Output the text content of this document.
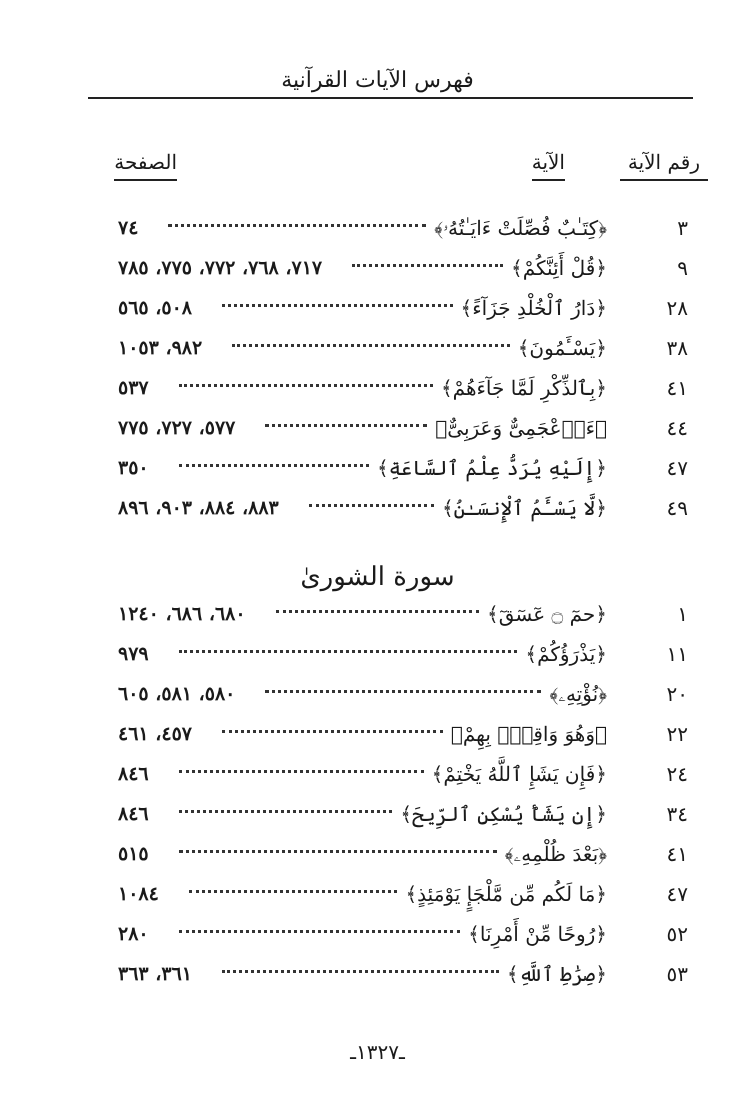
فهرس الآيات القرآنية
رقم الآية
الآية
الصفحة
٣
﴿كِتَـٰبٌ فُصِّلَتْ ءَايَـٰتُهُۥ﴾
٧٤
٩
﴿قُلْ أَئِنَّكُمْ﴾
٧١٧، ٧٦٨، ٧٧٢، ٧٧٥، ٧٨٥
٢٨
﴿دَارُ ٱلْخُلْدِ جَزَآءً﴾
٥٠٨، ٥٦٥
٣٨
﴿يَسْـَٔمُونَ﴾
٩٨٢، ١٠٥٣
٤١
﴿بِٱلذِّكْرِ لَمَّا جَآءَهُمْ﴾
٥٣٧
٤٤
﴿ءَا۬عْجَمِىٌّ وَعَرَبِىٌّ﴾
٥٧٧، ٧٢٧، ٧٧٥
٤٧
﴿إِلَيْهِ يُرَدُّ عِلْمُ ٱلسَّاعَةِ﴾
٣٥٠
٤٩
﴿لَّا يَسْـَٔمُ ٱلْإِنسَـٰنُ﴾
٨٨٣، ٨٨٤، ٩٠٣، ٨٩٦
سورة الشورىٰ
١
﴿حمٓ ۝ عٓسٓقٓ﴾
٦٨٠، ٦٨٦، ١٢٤٠
١١
﴿يَذْرَؤُكُمْ﴾
٩٧٩
٢٠
﴿نُؤْتِهِۦ﴾
٥٨٠، ٥٨١، ٦٠٥
٢٢
﴿وَهُوَ وَاقِعٌۢ بِهِمْ﴾
٤٥٧، ٤٦١
٢٤
﴿فَإِن يَشَإِ ٱللَّهُ يَخْتِمْ﴾
٨٤٦
٣٤
﴿إِن يَشَأْ يُسْكِنِ ٱلرِّيحَ﴾
٨٤٦
٤١
﴿بَعْدَ ظُلْمِهِۦ﴾
٥١٥
٤٧
﴿مَا لَكُم مِّن مَّلْجَإٍ يَوْمَئِذٍ﴾
١٠٨٤
٥٢
﴿رُوحًا مِّنْ أَمْرِنَا﴾
٢٨٠
٥٣
﴿صِرَٰطِ ٱللَّهِ﴾
٣٦١، ٣٦٣
ـ١٣٢٧ـ
